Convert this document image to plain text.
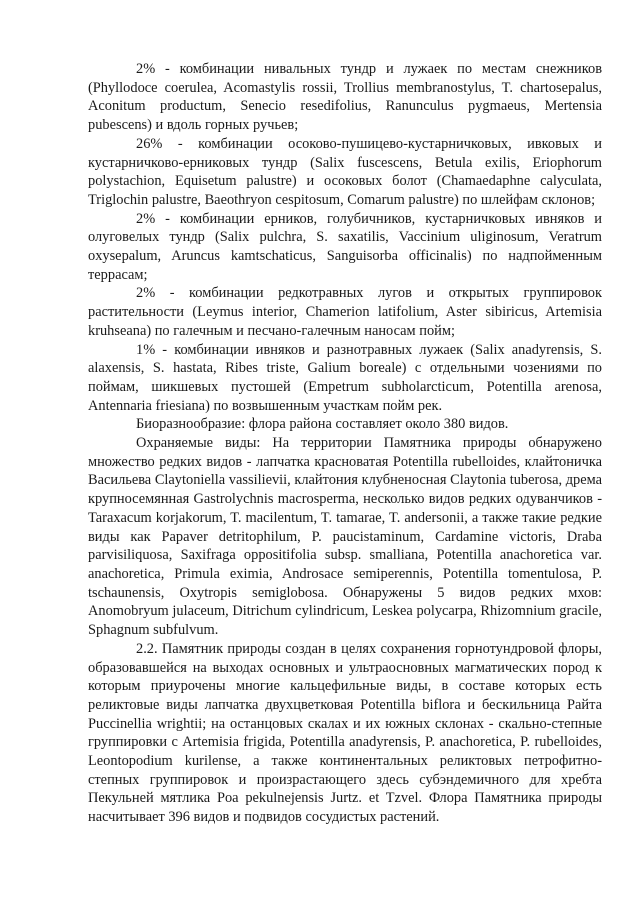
2% - комбинации нивальных тундр и лужаек по местам снежников (Phyllodoce coerulea, Acomastylis rossii, Trollius membranostylus, T. chartosepalus, Aconitum productum, Senecio resedifolius, Ranunculus pygmaeus, Mertensia pubescens) и вдоль горных ручьев;

26% - комбинации осоково-пушицево-кустарничковых, ивковых и кустарничково-ерниковых тундр (Salix fuscescens, Betula exilis, Eriophorum polystachion, Equisetum palustre) и осоковых болот (Chamaedaphne calyculata, Triglochin palustre, Baeothryon cespitosum, Comarum palustre) по шлейфам склонов;

2% - комбинации ерников, голубичников, кустарничковых ивняков и олуговелых тундр (Salix pulchra, S. saxatilis, Vaccinium uliginosum, Veratrum oxysepalum, Aruncus kamtschaticus, Sanguisorba officinalis) по надпойменным террасам;

2% - комбинации редкотравных лугов и открытых группировок растительности (Leymus interior, Chamerion latifolium, Aster sibiricus, Artemisia kruhseana) по галечным и песчано-галечным наносам пойм;

1% - комбинации ивняков и разнотравных лужаек (Salix anadyrensis, S. alaxensis, S. hastata, Ribes triste, Galium boreale) с отдельными чозениями по поймам, шикшевых пустошей (Empetrum subholarcticum, Potentilla arenosa, Antennaria friesiana) по возвышенным участкам пойм рек.

Биоразнообразие: флора района составляет около 380 видов.

Охраняемые виды: На территории Памятника природы обнаружено множество редких видов - лапчатка красноватая Potentilla rubelloides, клайтоничка Васильева Claytoniella vassilievii, клайтония клубненосная Claytonia tuberosa, дрема крупносемянная Gastrolychnis macrosperma, несколько видов редких одуванчиков - Taraxacum korjakorum, T. macilentum, T. tamarae, T. andersonii, а также такие редкие виды как Papaver detritophilum, P. paucistaminum, Cardamine victoris, Draba parvisiliquosa, Saxifraga oppositifolia subsp. smalliana, Potentilla anachoretica var. anachoretica, Primula eximia, Androsace semiperennis, Potentilla tomentulosa, P. tschaunensis, Oxytropis semiglobosa. Обнаружены 5 видов редких мхов: Anomobryum julaceum, Ditrichum cylindricum, Leskea polycarpa, Rhizomnium gracile, Sphagnum subfulvum.

2.2. Памятник природы создан в целях сохранения горнотундровой флоры, образовавшейся на выходах основных и ультраосновных магматических пород к которым приурочены многие кальцефильные виды, в составе которых есть реликтовые виды лапчатка двухцветковая Potentilla biflora и бескильница Райта Puccinellia wrightii; на останцовых скалах и их южных склонах - скально-степные группировки с Artemisia frigida, Potentilla anadyrensis, P. anachoretica, P. rubelloides, Leontopodium kurilense, а также континентальных реликтовых петрофитно-степных группировок и произрастающего здесь субэндемичного для хребта Пекульней мятлика Poa pekulnejensis Jurtz. et Tzvel. Флора Памятника природы насчитывает 396 видов и подвидов сосудистых растений.
